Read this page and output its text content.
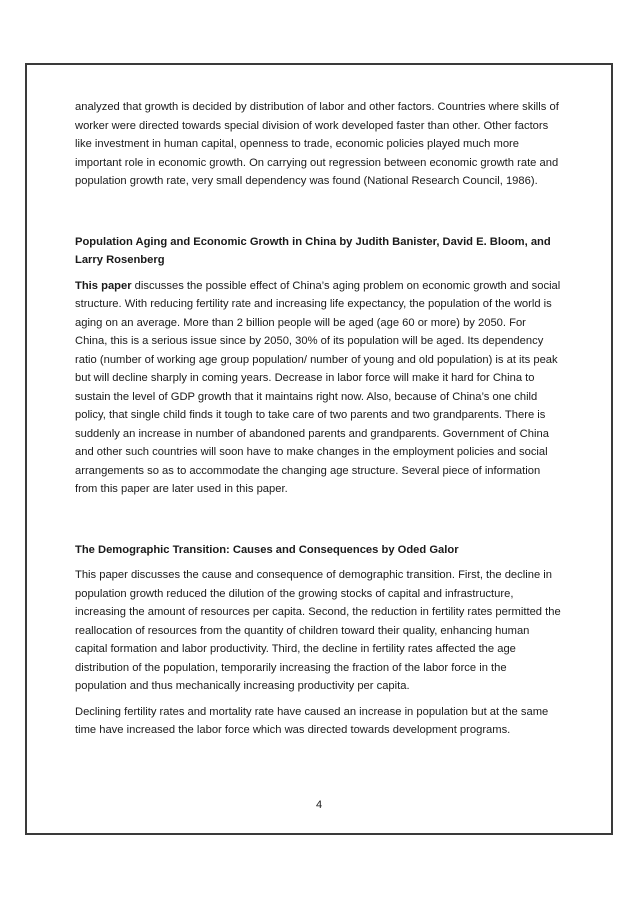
analyzed that growth is decided by distribution of labor and other factors. Countries where skills of worker were directed towards special division of work developed faster than other. Other factors like investment in human capital, openness to trade, economic policies played much more important role in economic growth. On carrying out regression between economic growth rate and population growth rate, very small dependency was found (National Research Council, 1986).

Population Aging and Economic Growth in China by Judith Banister, David E. Bloom, and Larry Rosenberg

This paper discusses the possible effect of China’s aging problem on economic growth and social structure. With reducing fertility rate and increasing life expectancy, the population of the world is aging on an average. More than 2 billion people will be aged (age 60 or more) by 2050. For China, this is a serious issue since by 2050, 30% of its population will be aged. Its dependency ratio (number of working age group population/ number of young and old population) is at its peak but will decline sharply in coming years. Decrease in labor force will make it hard for China to sustain the level of GDP growth that it maintains right now. Also, because of China’s one child policy, that single child finds it tough to take care of two parents and two grandparents. There is suddenly an increase in number of abandoned parents and grandparents. Government of China and other such countries will soon have to make changes in the employment policies and social arrangements so as to accommodate the changing age structure. Several piece of information from this paper are later used in this paper.

The Demographic Transition: Causes and Consequences by Oded Galor

This paper discusses the cause and consequence of demographic transition. First, the decline in population growth reduced the dilution of the growing stocks of capital and infrastructure, increasing the amount of resources per capita. Second, the reduction in fertility rates permitted the reallocation of resources from the quantity of children toward their quality, enhancing human capital formation and labor productivity. Third, the decline in fertility rates affected the age distribution of the population, temporarily increasing the fraction of the labor force in the population and thus mechanically increasing productivity per capita.

Declining fertility rates and mortality rate have caused an increase in population but at the same time have increased the labor force which was directed towards development programs.

4
